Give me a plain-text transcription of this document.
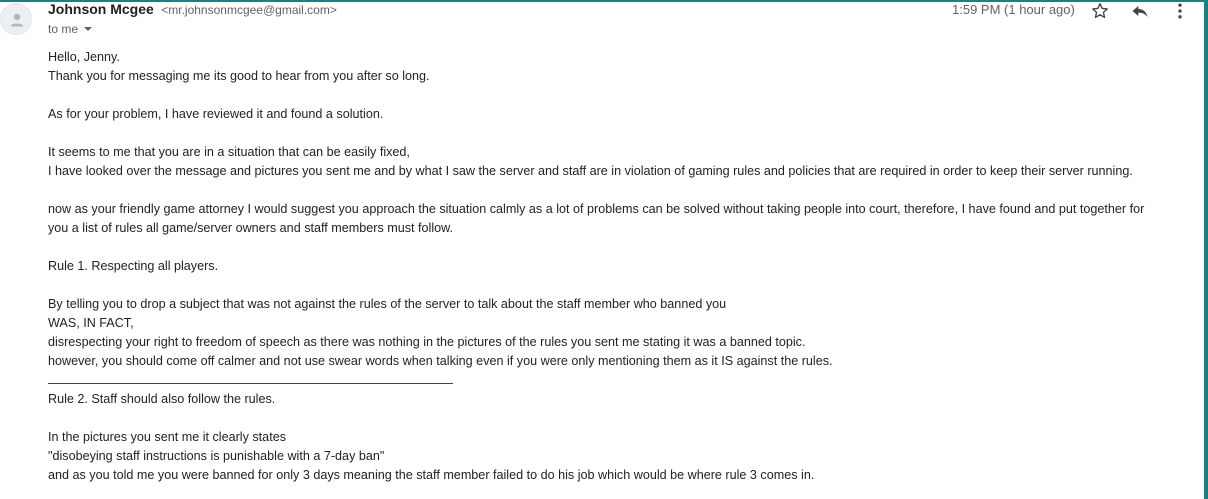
Johnson Mcgee <mr.johnsonmcgee@gmail.com>
to me
1:59 PM (1 hour ago)

Hello, Jenny.

Thank you for messaging me its good to hear from you after so long.

As for your problem, I have reviewed it and found a solution.

It seems to me that you are in a situation that can be easily fixed,

I have looked over the message and pictures you sent me and by what I saw the server and staff are in violation of gaming rules and policies that are required in order to keep their server running.

now as your friendly game attorney I would suggest you approach the situation calmly as a lot of problems can be solved without taking people into court, therefore, I have found and put together for

you a list of rules all game/server owners and staff members must follow.

Rule 1. Respecting all players.

By telling you to drop a subject that was not against the rules of the server to talk about the staff member who banned you

WAS, IN FACT,

disrespecting your right to freedom of speech as there was nothing in the pictures of the rules you sent me stating it was a banned topic.

however, you should come off calmer and not use swear words when talking even if you were only mentioning them as it IS against the rules.

Rule 2. Staff should also follow the rules.

In the pictures you sent me it clearly states

"disobeying staff instructions is punishable with a 7-day ban"

and as you told me you were banned for only 3 days meaning the staff member failed to do his job which would be where rule 3 comes in.
